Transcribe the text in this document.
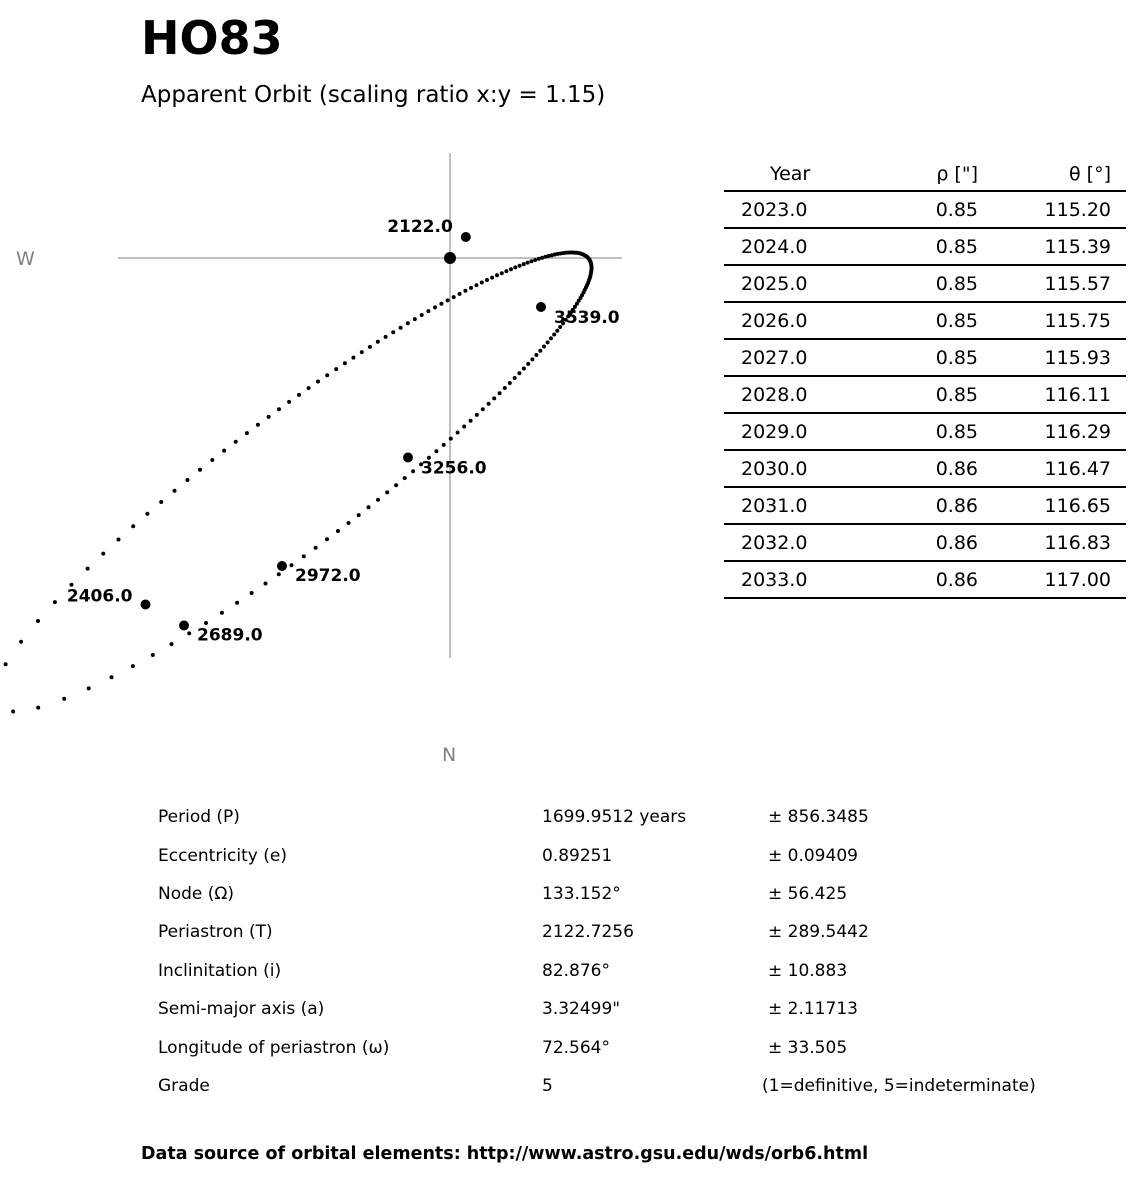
HO83
Apparent Orbit (scaling ratio x:y = 1.15)
W
N
2122.0
2406.0
2689.0
2972.0
3256.0
3539.0
Year	ρ ["]	θ [°]
2023.0	0.85	115.20
2024.0	0.85	115.39
2025.0	0.85	115.57
2026.0	0.85	115.75
2027.0	0.85	115.93
2028.0	0.85	116.11
2029.0	0.85	116.29
2030.0	0.86	116.47
2031.0	0.86	116.65
2032.0	0.86	116.83
2033.0	0.86	117.00
Period (P)	1699.9512 years	± 856.3485
Eccentricity (e)	0.89251	± 0.09409
Node (Ω)	133.152°	± 56.425
Periastron (T)	2122.7256	± 289.5442
Inclinitation (i)	82.876°	± 10.883
Semi-major axis (a)	3.32499"	± 2.11713
Longitude of periastron (ω)	72.564°	± 33.505
Grade	5	(1=definitive, 5=indeterminate)
Data source of orbital elements: http://www.astro.gsu.edu/wds/orb6.html
